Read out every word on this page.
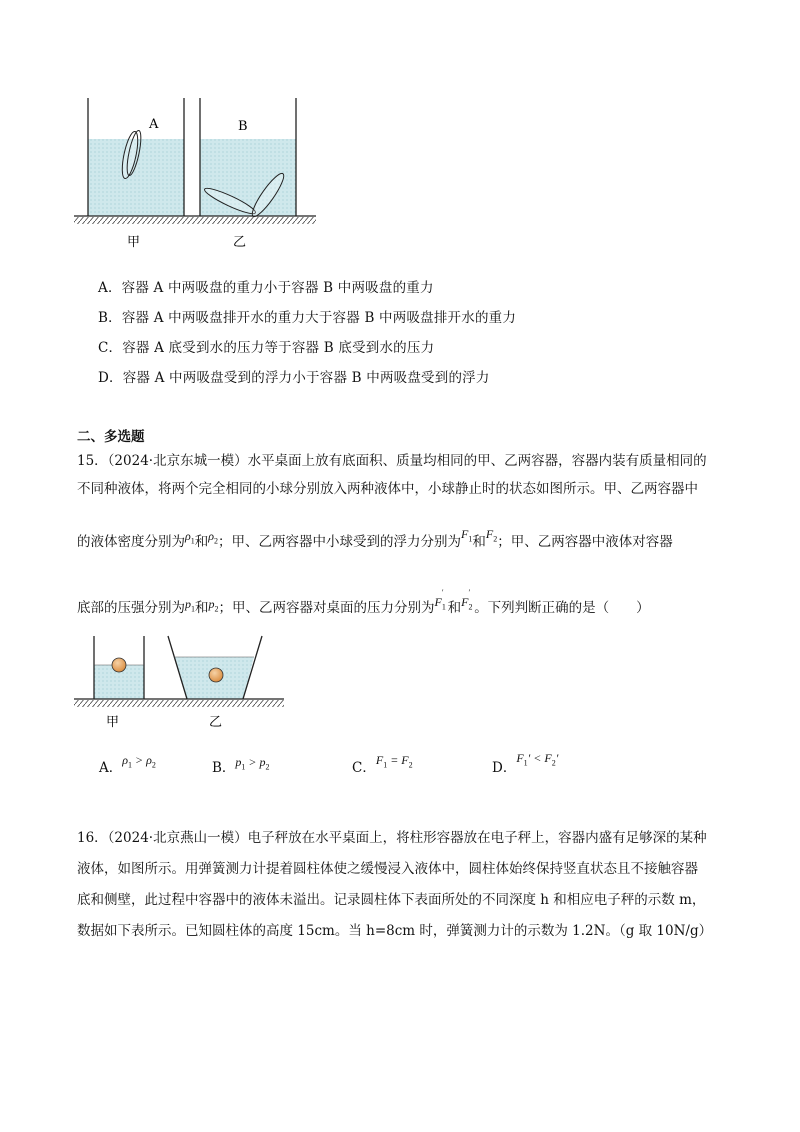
A	B
甲	乙
A．容器 A 中两吸盘的重力小于容器 B 中两吸盘的重力
B．容器 A 中两吸盘排开水的重力大于容器 B 中两吸盘排开水的重力
C．容器 A 底受到水的压力等于容器 B 底受到水的压力
D．容器 A 中两吸盘受到的浮力小于容器 B 中两吸盘受到的浮力
二、多选题
15．（2024·北京东城一模）水平桌面上放有底面积、质量均相同的甲、乙两容器，容器内装有质量相同的
不同种液体，将两个完全相同的小球分别放入两种液体中，小球静止时的状态如图所示。甲、乙两容器中
的液体密度分别为$\rho_1$和$\rho_2$；甲、乙两容器中小球受到的浮力分别为$F_1$和$F_2$；甲、乙两容器中液体对容器
底部的压强分别为$p_1$和$p_2$；甲、乙两容器对桌面的压力分别为$F_1'$和$F_2'$。下列判断正确的是（　　）
甲	乙
A．$\rho_1 > \rho_2$	B．$p_1 > p_2$	C．$F_1 = F_2$	D．$F_1' < F_2'$
16．（2024·北京燕山一模）电子秤放在水平桌面上，将柱形容器放在电子秤上，容器内盛有足够深的某种
液体，如图所示。用弹簧测力计提着圆柱体使之缓慢浸入液体中，圆柱体始终保持竖直状态且不接触容器
底和侧壁，此过程中容器中的液体未溢出。记录圆柱体下表面所处的不同深度 h 和相应电子秤的示数 m，
数据如下表所示。已知圆柱体的高度 15cm。当 h=8cm 时，弹簧测力计的示数为 1.2N。（g 取 10N/g）
